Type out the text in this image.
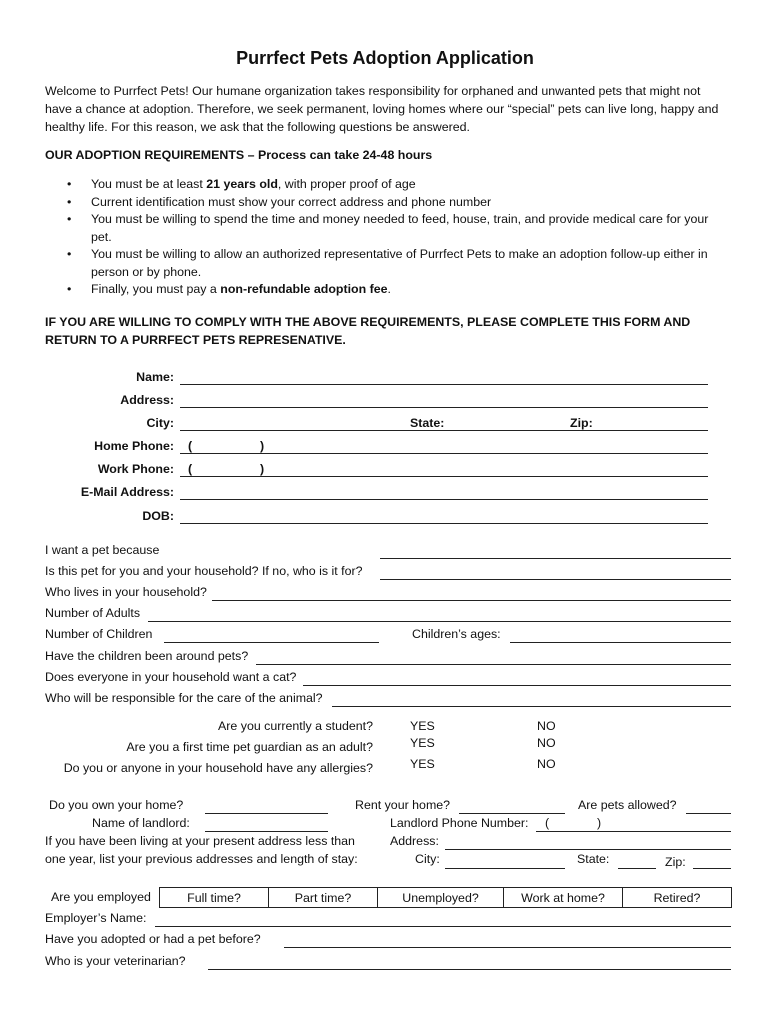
Purrfect Pets Adoption Application
Welcome to Purrfect Pets! Our humane organization takes responsibility for orphaned and unwanted pets that might not have a chance at adoption. Therefore, we seek permanent, loving homes where our “special” pets can live long, happy and healthy life. For this reason, we ask that the following questions be answered.
OUR ADOPTION REQUIREMENTS – Process can take 24-48 hours
• You must be at least 21 years old, with proper proof of age
• Current identification must show your correct address and phone number
• You must be willing to spend the time and money needed to feed, house, train, and provide medical care for your pet.
• You must be willing to allow an authorized representative of Purrfect Pets to make an adoption follow-up either in person or by phone.
• Finally, you must pay a non-refundable adoption fee.
IF YOU ARE WILLING TO COMPLY WITH THE ABOVE REQUIREMENTS, PLEASE COMPLETE THIS FORM AND RETURN TO A PURRFECT PETS REPRESENATIVE.
Name:
Address:
City:	State:	Zip:
Home Phone: (	)
Work Phone: (	)
E-Mail Address:
DOB:
I want a pet because
Is this pet for you and your household? If no, who is it for?
Who lives in your household?
Number of Adults
Number of Children	Children’s ages:
Have the children been around pets?
Does everyone in your household want a cat?
Who will be responsible for the care of the animal?
Are you currently a student?	YES	NO
Are you a first time pet guardian as an adult?	YES	NO
Do you or anyone in your household have any allergies?	YES	NO
Do you own your home?	Rent your home?	Are pets allowed?
Name of landlord:	Landlord Phone Number: (	)
If you have been living at your present address less than
one year, list your previous addresses and length of stay:
Address:
City:	State:	Zip:
Are you employed	Full time?	Part time?	Unemployed?	Work at home?	Retired?
Employer’s Name:
Have you adopted or had a pet before?
Who is your veterinarian?
